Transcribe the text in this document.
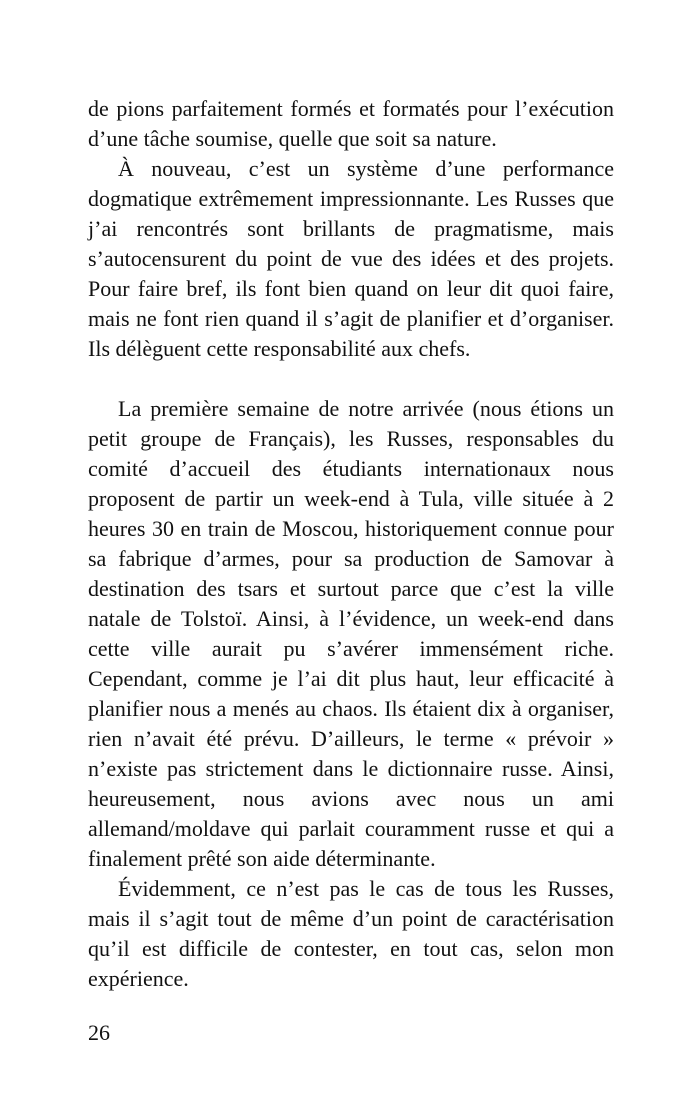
de pions parfaitement formés et formatés pour l’exécution d’une tâche soumise, quelle que soit sa nature.

À nouveau, c’est un système d’une performance dogmatique extrêmement impressionnante. Les Russes que j’ai rencontrés sont brillants de pragmatisme, mais s’autocensurent du point de vue des idées et des projets. Pour faire bref, ils font bien quand on leur dit quoi faire, mais ne font rien quand il s’agit de planifier et d’organiser. Ils délèguent cette responsabilité aux chefs.

La première semaine de notre arrivée (nous étions un petit groupe de Français), les Russes, responsables du comité d’accueil des étudiants internationaux nous proposent de partir un week-end à Tula, ville située à 2 heures 30 en train de Moscou, historiquement connue pour sa fabrique d’armes, pour sa production de Samovar à destination des tsars et surtout parce que c’est la ville natale de Tolstoï. Ainsi, à l’évidence, un week-end dans cette ville aurait pu s’avérer immensément riche. Cependant, comme je l’ai dit plus haut, leur efficacité à planifier nous a menés au chaos. Ils étaient dix à organiser, rien n’avait été prévu. D’ailleurs, le terme « prévoir » n’existe pas strictement dans le dictionnaire russe. Ainsi, heureusement, nous avions avec nous un ami allemand/moldave qui parlait couramment russe et qui a finalement prêté son aide déterminante.

Évidemment, ce n’est pas le cas de tous les Russes, mais il s’agit tout de même d’un point de caractérisation qu’il est difficile de contester, en tout cas, selon mon expérience.

26
